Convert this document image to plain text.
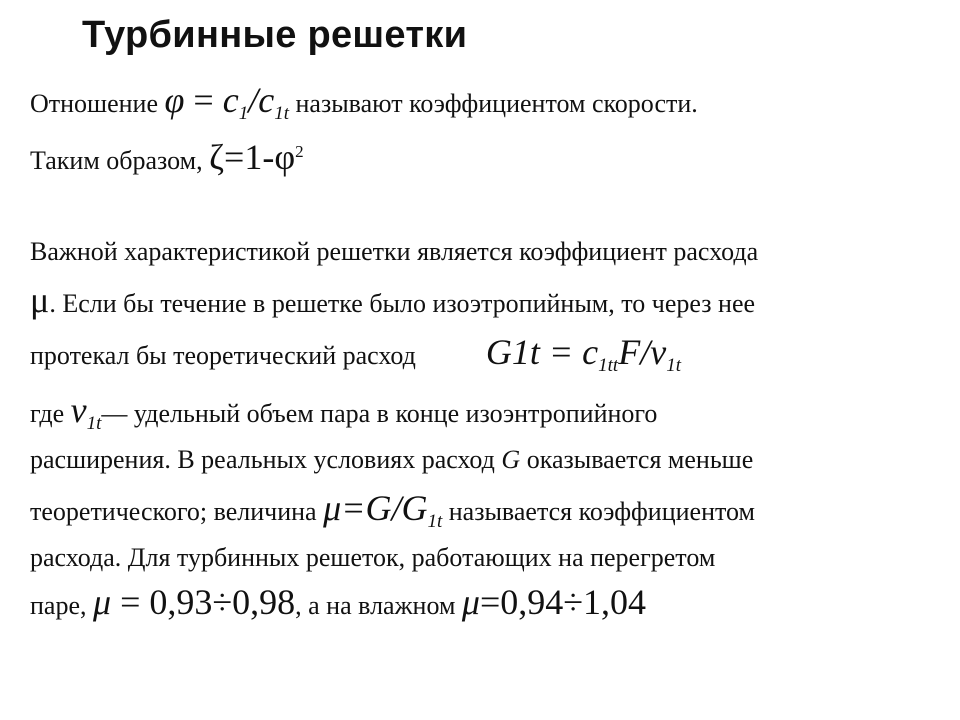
Турбинные решетки
Отношение $\varphi = c_1/c_{1t}$ называют коэффициентом скорости.
Таким образом, $\zeta=1-\varphi^2$
Важной характеристикой решетки является коэффициент расхода
μ. Если бы течение в решетке было изоэтропийным, то через нее
протекал бы теоретический расход $G1t = c_{1tt}F/v_{1t}$
где $v_{1t}—$ удельный объем пара в конце изоэнтропийного
расширения. В реальных условиях расход G оказывается меньше
теоретического; величина $\mu=G/G_{1t}$ называется коэффициентом
расхода. Для турбинных решеток, работающих на перегретом
паре, μ = 0,93÷0,98, а на влажном μ=0,94÷1,04
